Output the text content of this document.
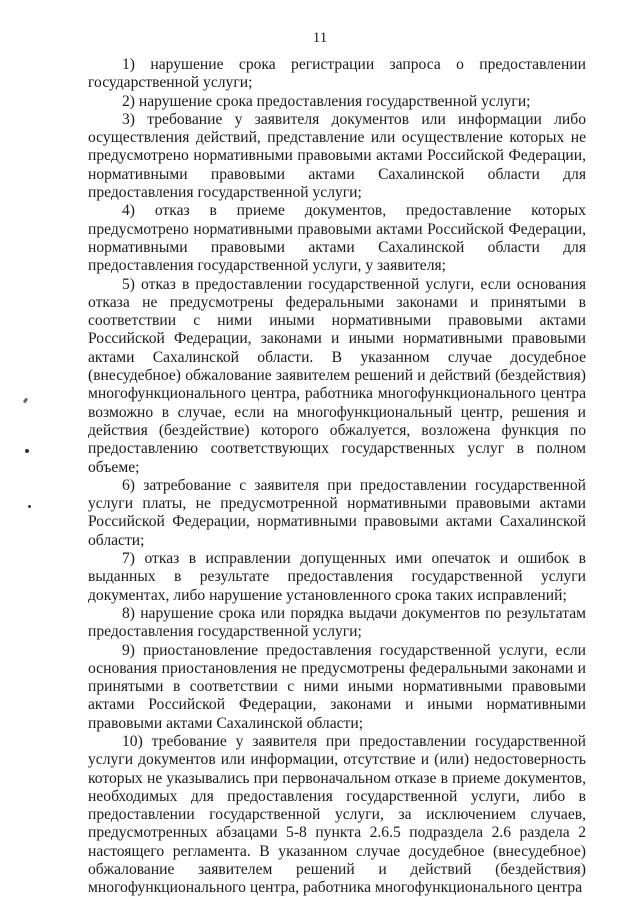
11

1) нарушение срока регистрации запроса о предоставлении государственной услуги;

2) нарушение срока предоставления государственной услуги;

3) требование у заявителя документов или информации либо осуществления действий, представление или осуществление которых не предусмотрено нормативными правовыми актами Российской Федерации, нормативными правовыми актами Сахалинской области для предоставления государственной услуги;

4) отказ в приеме документов, предоставление которых предусмотрено нормативными правовыми актами Российской Федерации, нормативными правовыми актами Сахалинской области для предоставления государственной услуги, у заявителя;

5) отказ в предоставлении государственной услуги, если основания отказа не предусмотрены федеральными законами и принятыми в соответствии с ними иными нормативными правовыми актами Российской Федерации, законами и иными нормативными правовыми актами Сахалинской области. В указанном случае досудебное (внесудебное) обжалование заявителем решений и действий (бездействия) многофункционального центра, работника многофункционального центра возможно в случае, если на многофункциональный центр, решения и действия (бездействие) которого обжалуется, возложена функция по предоставлению соответствующих государственных услуг в полном объеме;

6) затребование с заявителя при предоставлении государственной услуги платы, не предусмотренной нормативными правовыми актами Российской Федерации, нормативными правовыми актами Сахалинской области;

7) отказ в исправлении допущенных ими опечаток и ошибок в выданных в результате предоставления государственной услуги документах, либо нарушение установленного срока таких исправлений;

8) нарушение срока или порядка выдачи документов по результатам предоставления государственной услуги;

9) приостановление предоставления государственной услуги, если основания приостановления не предусмотрены федеральными законами и принятыми в соответствии с ними иными нормативными правовыми актами Российской Федерации, законами и иными нормативными правовыми актами Сахалинской области;

10) требование у заявителя при предоставлении государственной услуги документов или информации, отсутствие и (или) недостоверность которых не указывались при первоначальном отказе в приеме документов, необходимых для предоставления государственной услуги, либо в предоставлении государственной услуги, за исключением случаев, предусмотренных абзацами 5-8 пункта 2.6.5 подраздела 2.6 раздела 2 настоящего регламента. В указанном случае досудебное (внесудебное) обжалование заявителем решений и действий (бездействия) многофункционального центра, работника многофункционального центра
